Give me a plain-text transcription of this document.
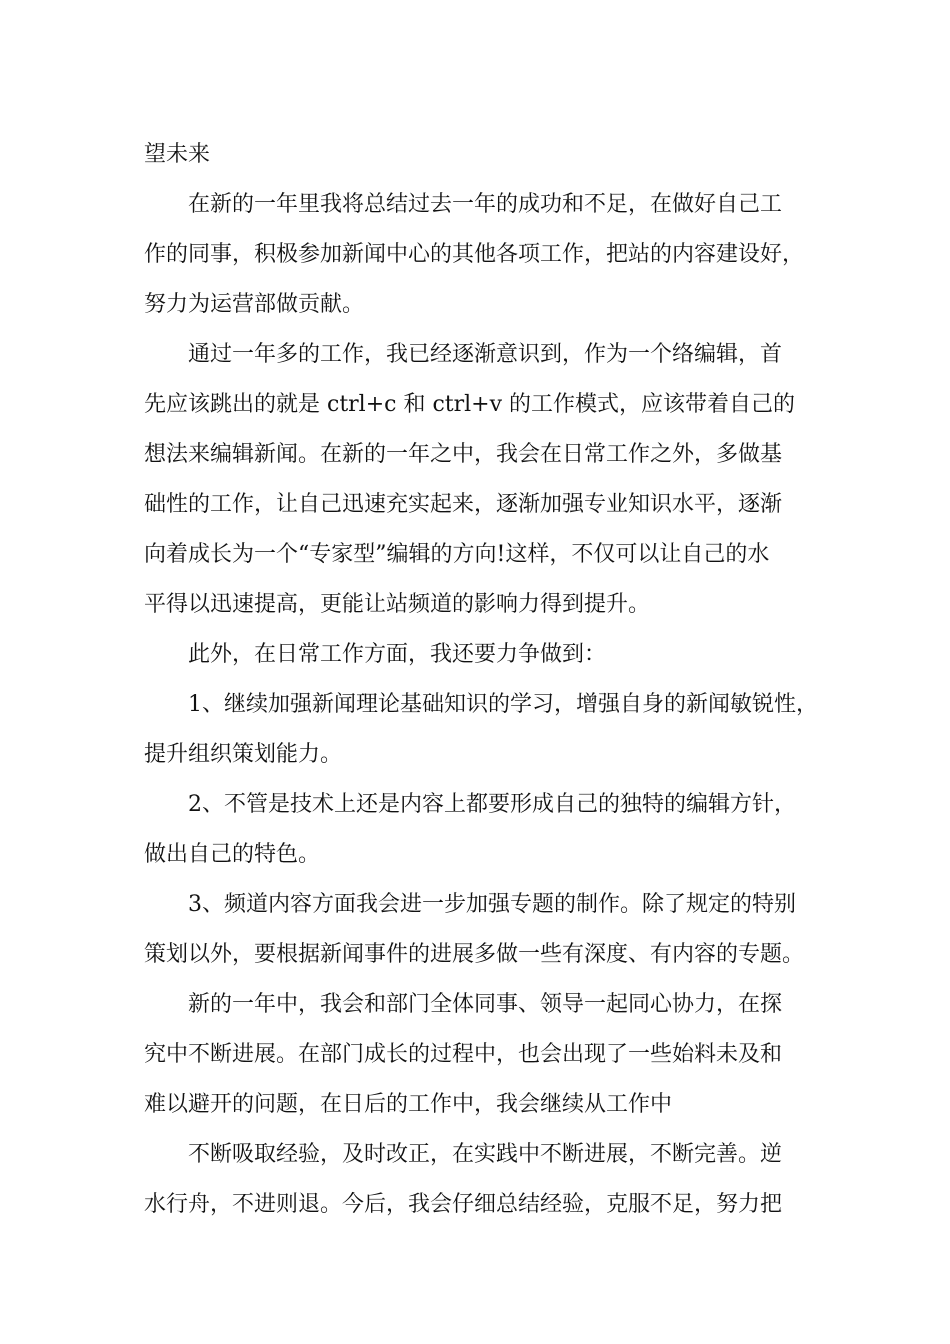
望未来

在新的一年里我将总结过去一年的成功和不足，在做好自己工

作的同事，积极参加新闻中心的其他各项工作，把站的内容建设好，

努力为运营部做贡献。

通过一年多的工作，我已经逐渐意识到，作为一个络编辑，首

先应该跳出的就是 ctrl+c 和 ctrl+v 的工作模式，应该带着自己的

想法来编辑新闻。在新的一年之中，我会在日常工作之外，多做基

础性的工作，让自己迅速充实起来，逐渐加强专业知识水平，逐渐

向着成长为一个“专家型”编辑的方向!这样，不仅可以让自己的水

平得以迅速提高，更能让站频道的影响力得到提升。

此外，在日常工作方面，我还要力争做到：

1、继续加强新闻理论基础知识的学习，增强自身的新闻敏锐性，

提升组织策划能力。

2、不管是技术上还是内容上都要形成自己的独特的编辑方针，

做出自己的特色。

3、频道内容方面我会进一步加强专题的制作。除了规定的特别

策划以外，要根据新闻事件的进展多做一些有深度、有内容的专题。

新的一年中，我会和部门全体同事、领导一起同心协力，在探

究中不断进展。在部门成长的过程中，也会出现了一些始料未及和

难以避开的问题，在日后的工作中，我会继续从工作中

不断吸取经验，及时改正，在实践中不断进展，不断完善。逆

水行舟，不进则退。今后，我会仔细总结经验，克服不足，努力把
